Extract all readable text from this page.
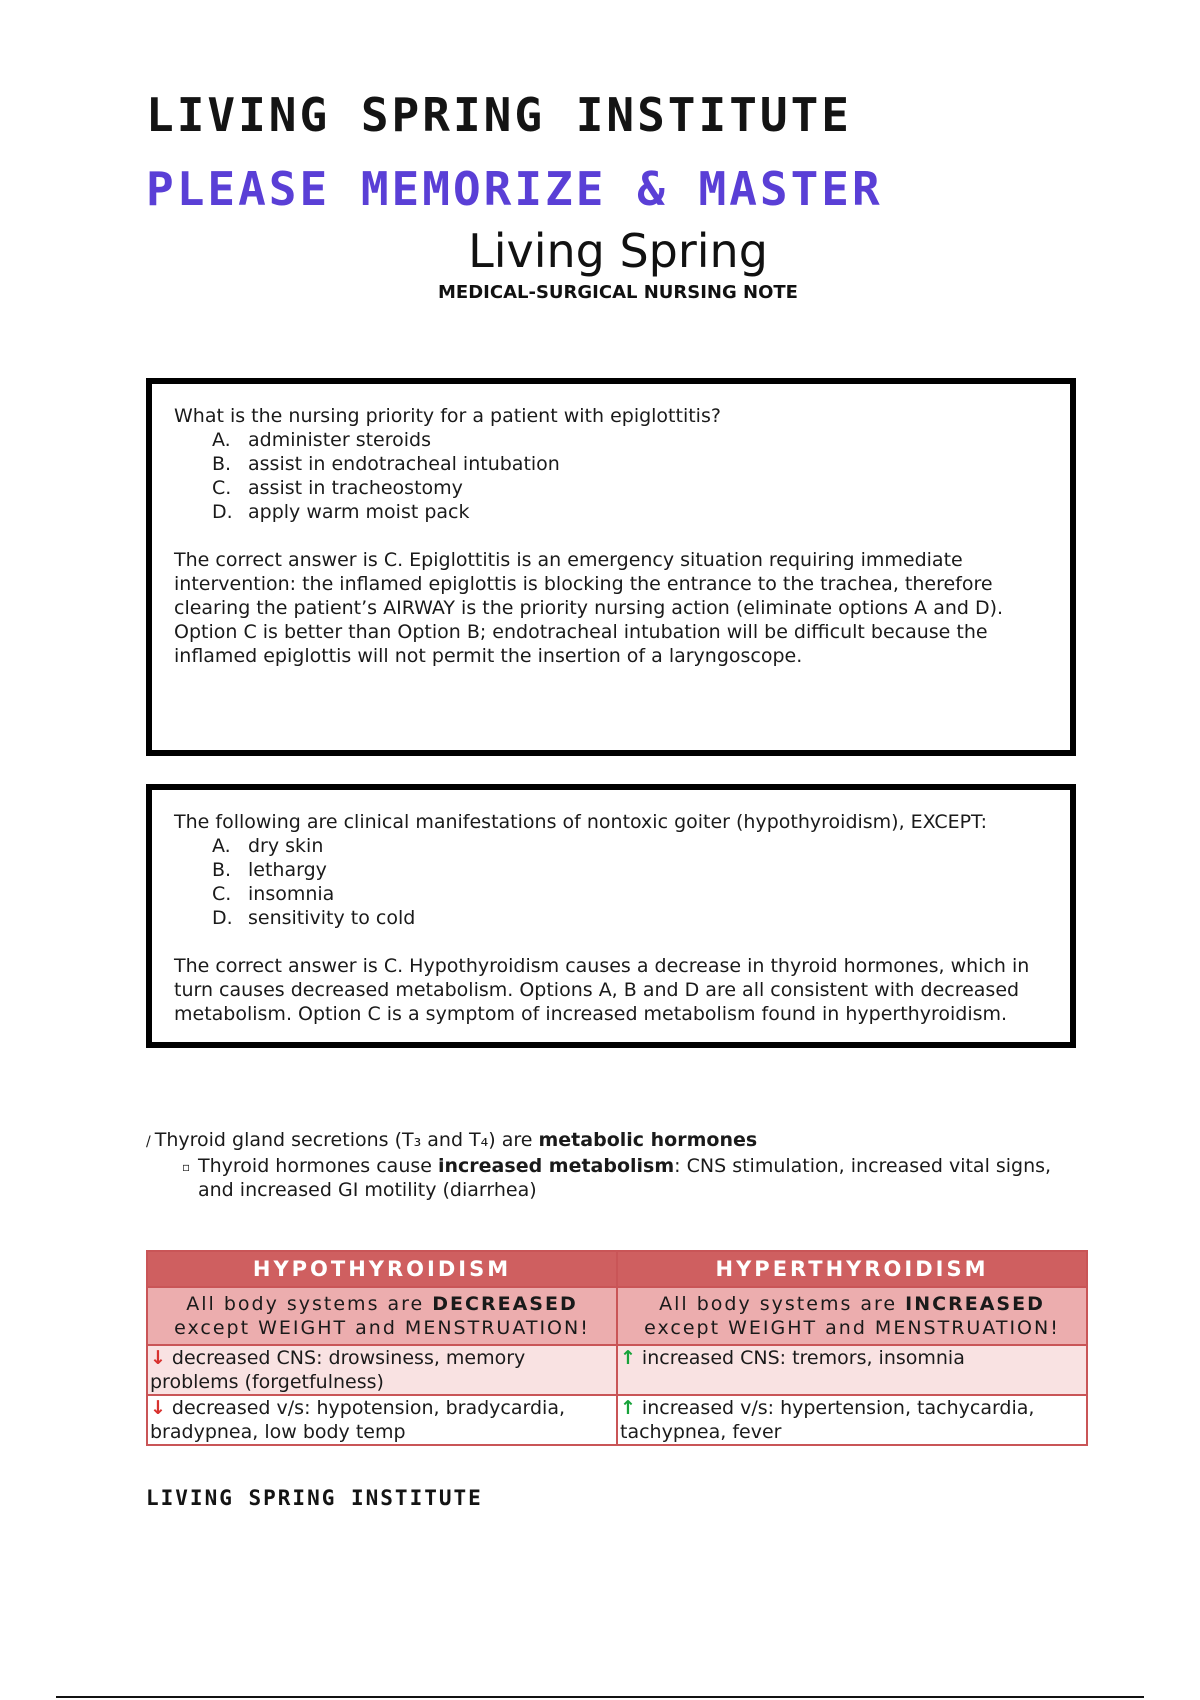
LIVING SPRING INSTITUTE
PLEASE MEMORIZE & MASTER
Living Spring
MEDICAL-SURGICAL NURSING NOTE

What is the nursing priority for a patient with epiglottitis?

A. administer steroids
B. assist in endotracheal intubation
C. assist in tracheostomy
D. apply warm moist pack

The correct answer is C. Epiglottitis is an emergency situation requiring immediate intervention: the inflamed epiglottis is blocking the entrance to the trachea, therefore clearing the patient’s AIRWAY is the priority nursing action (eliminate options A and D). Option C is better than Option B; endotracheal intubation will be difficult because the inflamed epiglottis will not permit the insertion of a laryngoscope.

The following are clinical manifestations of nontoxic goiter (hypothyroidism), EXCEPT:

A. dry skin
B. lethargy
C. insomnia
D. sensitivity to cold

The correct answer is C. Hypothyroidism causes a decrease in thyroid hormones, which in turn causes decreased metabolism. Options A, B and D are all consistent with decreased metabolism. Option C is a symptom of increased metabolism found in hyperthyroidism.

/ Thyroid gland secretions (T₃ and T₄) are metabolic hormones

▫ Thyroid hormones cause increased metabolism: CNS stimulation, increased vital signs, and increased GI motility (diarrhea)
HYPOTHYROIDISM	HYPERTHYROIDISM
All body systems are DECREASED except WEIGHT and MENSTRUATION!	All body systems are INCREASED except WEIGHT and MENSTRUATION!
↓ decreased CNS: drowsiness, memory problems (forgetfulness)	↑ increased CNS: tremors, insomnia
↓ decreased v/s: hypotension, bradycardia, bradypnea, low body temp	↑ increased v/s: hypertension, tachycardia, tachypnea, fever
LIVING SPRING INSTITUTE
